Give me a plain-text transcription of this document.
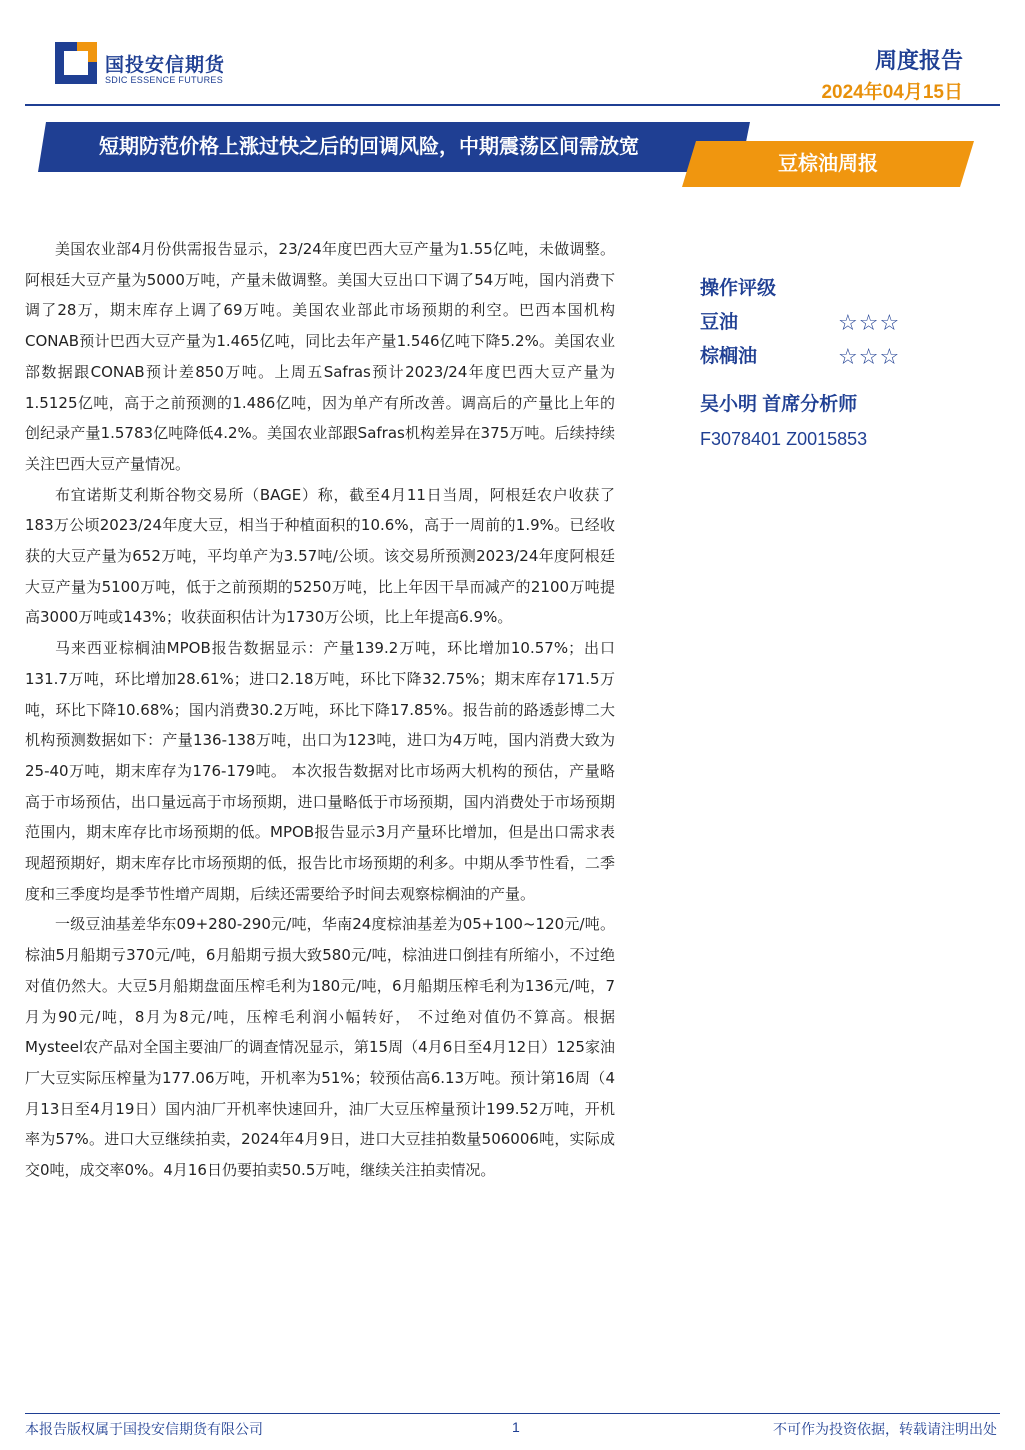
国投安信期货
SDIC ESSENCE FUTURES
周度报告
2024年04月15日
短期防范价格上涨过快之后的回调风险，中期震荡区间需放宽
豆棕油周报

美国农业部4月份供需报告显示，23/24年度巴西大豆产量为1.55亿吨，未做调整。阿根廷大豆产量为5000万吨，产量未做调整。美国大豆出口下调了54万吨，国内消费下调了28万，期末库存上调了69万吨。美国农业部此市场预期的利空。巴西本国机构CONAB预计巴西大豆产量为1.465亿吨，同比去年产量1.546亿吨下降5.2%。美国农业部数据跟CONAB预计差850万吨。上周五Safras预计2023/24年度巴西大豆产量为1.5125亿吨，高于之前预测的1.486亿吨，因为单产有所改善。调高后的产量比上年的创纪录产量1.5783亿吨降低4.2%。美国农业部跟Safras机构差异在375万吨。后续持续关注巴西大豆产量情况。

布宜诺斯艾利斯谷物交易所（BAGE）称，截至4月11日当周，阿根廷农户收获了183万公顷2023/24年度大豆，相当于种植面积的10.6%，高于一周前的1.9%。已经收获的大豆产量为652万吨，平均单产为3.57吨/公顷。该交易所预测2023/24年度阿根廷大豆产量为5100万吨，低于之前预期的5250万吨，比上年因干旱而减产的2100万吨提高3000万吨或143%；收获面积估计为1730万公顷，比上年提高6.9%。

马来西亚棕榈油MPOB报告数据显示：产量139.2万吨，环比增加10.57%；出口131.7万吨，环比增加28.61%；进口2.18万吨，环比下降32.75%；期末库存171.5万吨，环比下降10.68%；国内消费30.2万吨，环比下降17.85%。报告前的路透彭博二大机构预测数据如下：产量136-138万吨，出口为123吨，进口为4万吨，国内消费大致为25-40万吨，期末库存为176-179吨。 本次报告数据对比市场两大机构的预估，产量略高于市场预估，出口量远高于市场预期，进口量略低于市场预期，国内消费处于市场预期范围内，期末库存比市场预期的低。MPOB报告显示3月产量环比增加，但是出口需求表现超预期好，期末库存比市场预期的低，报告比市场预期的利多。中期从季节性看，二季度和三季度均是季节性增产周期，后续还需要给予时间去观察棕榈油的产量。

一级豆油基差华东09+280-290元/吨，华南24度棕油基差为05+100~120元/吨。棕油5月船期亏370元/吨，6月船期亏损大致580元/吨，棕油进口倒挂有所缩小，不过绝对值仍然大。大豆5月船期盘面压榨毛利为180元/吨，6月船期压榨毛利为136元/吨，7月为90元/吨，8月为8元/吨，压榨毛利润小幅转好， 不过绝对值仍不算高。根据Mysteel农产品对全国主要油厂的调查情况显示，第15周（4月6日至4月12日）125家油厂大豆实际压榨量为177.06万吨，开机率为51%；较预估高6.13万吨。预计第16周（4月13日至4月19日）国内油厂开机率快速回升，油厂大豆压榨量预计199.52万吨，开机率为57%。进口大豆继续拍卖，2024年4月9日，进口大豆挂拍数量506006吨，实际成交0吨，成交率0%。4月16日仍要拍卖50.5万吨，继续关注拍卖情况。

操作评级
豆油	☆☆☆
棕榈油	☆☆☆
吴小明 首席分析师
F3078401 Z0015853
本报告版权属于国投安信期货有限公司	1	不可作为投资依据，转载请注明出处
